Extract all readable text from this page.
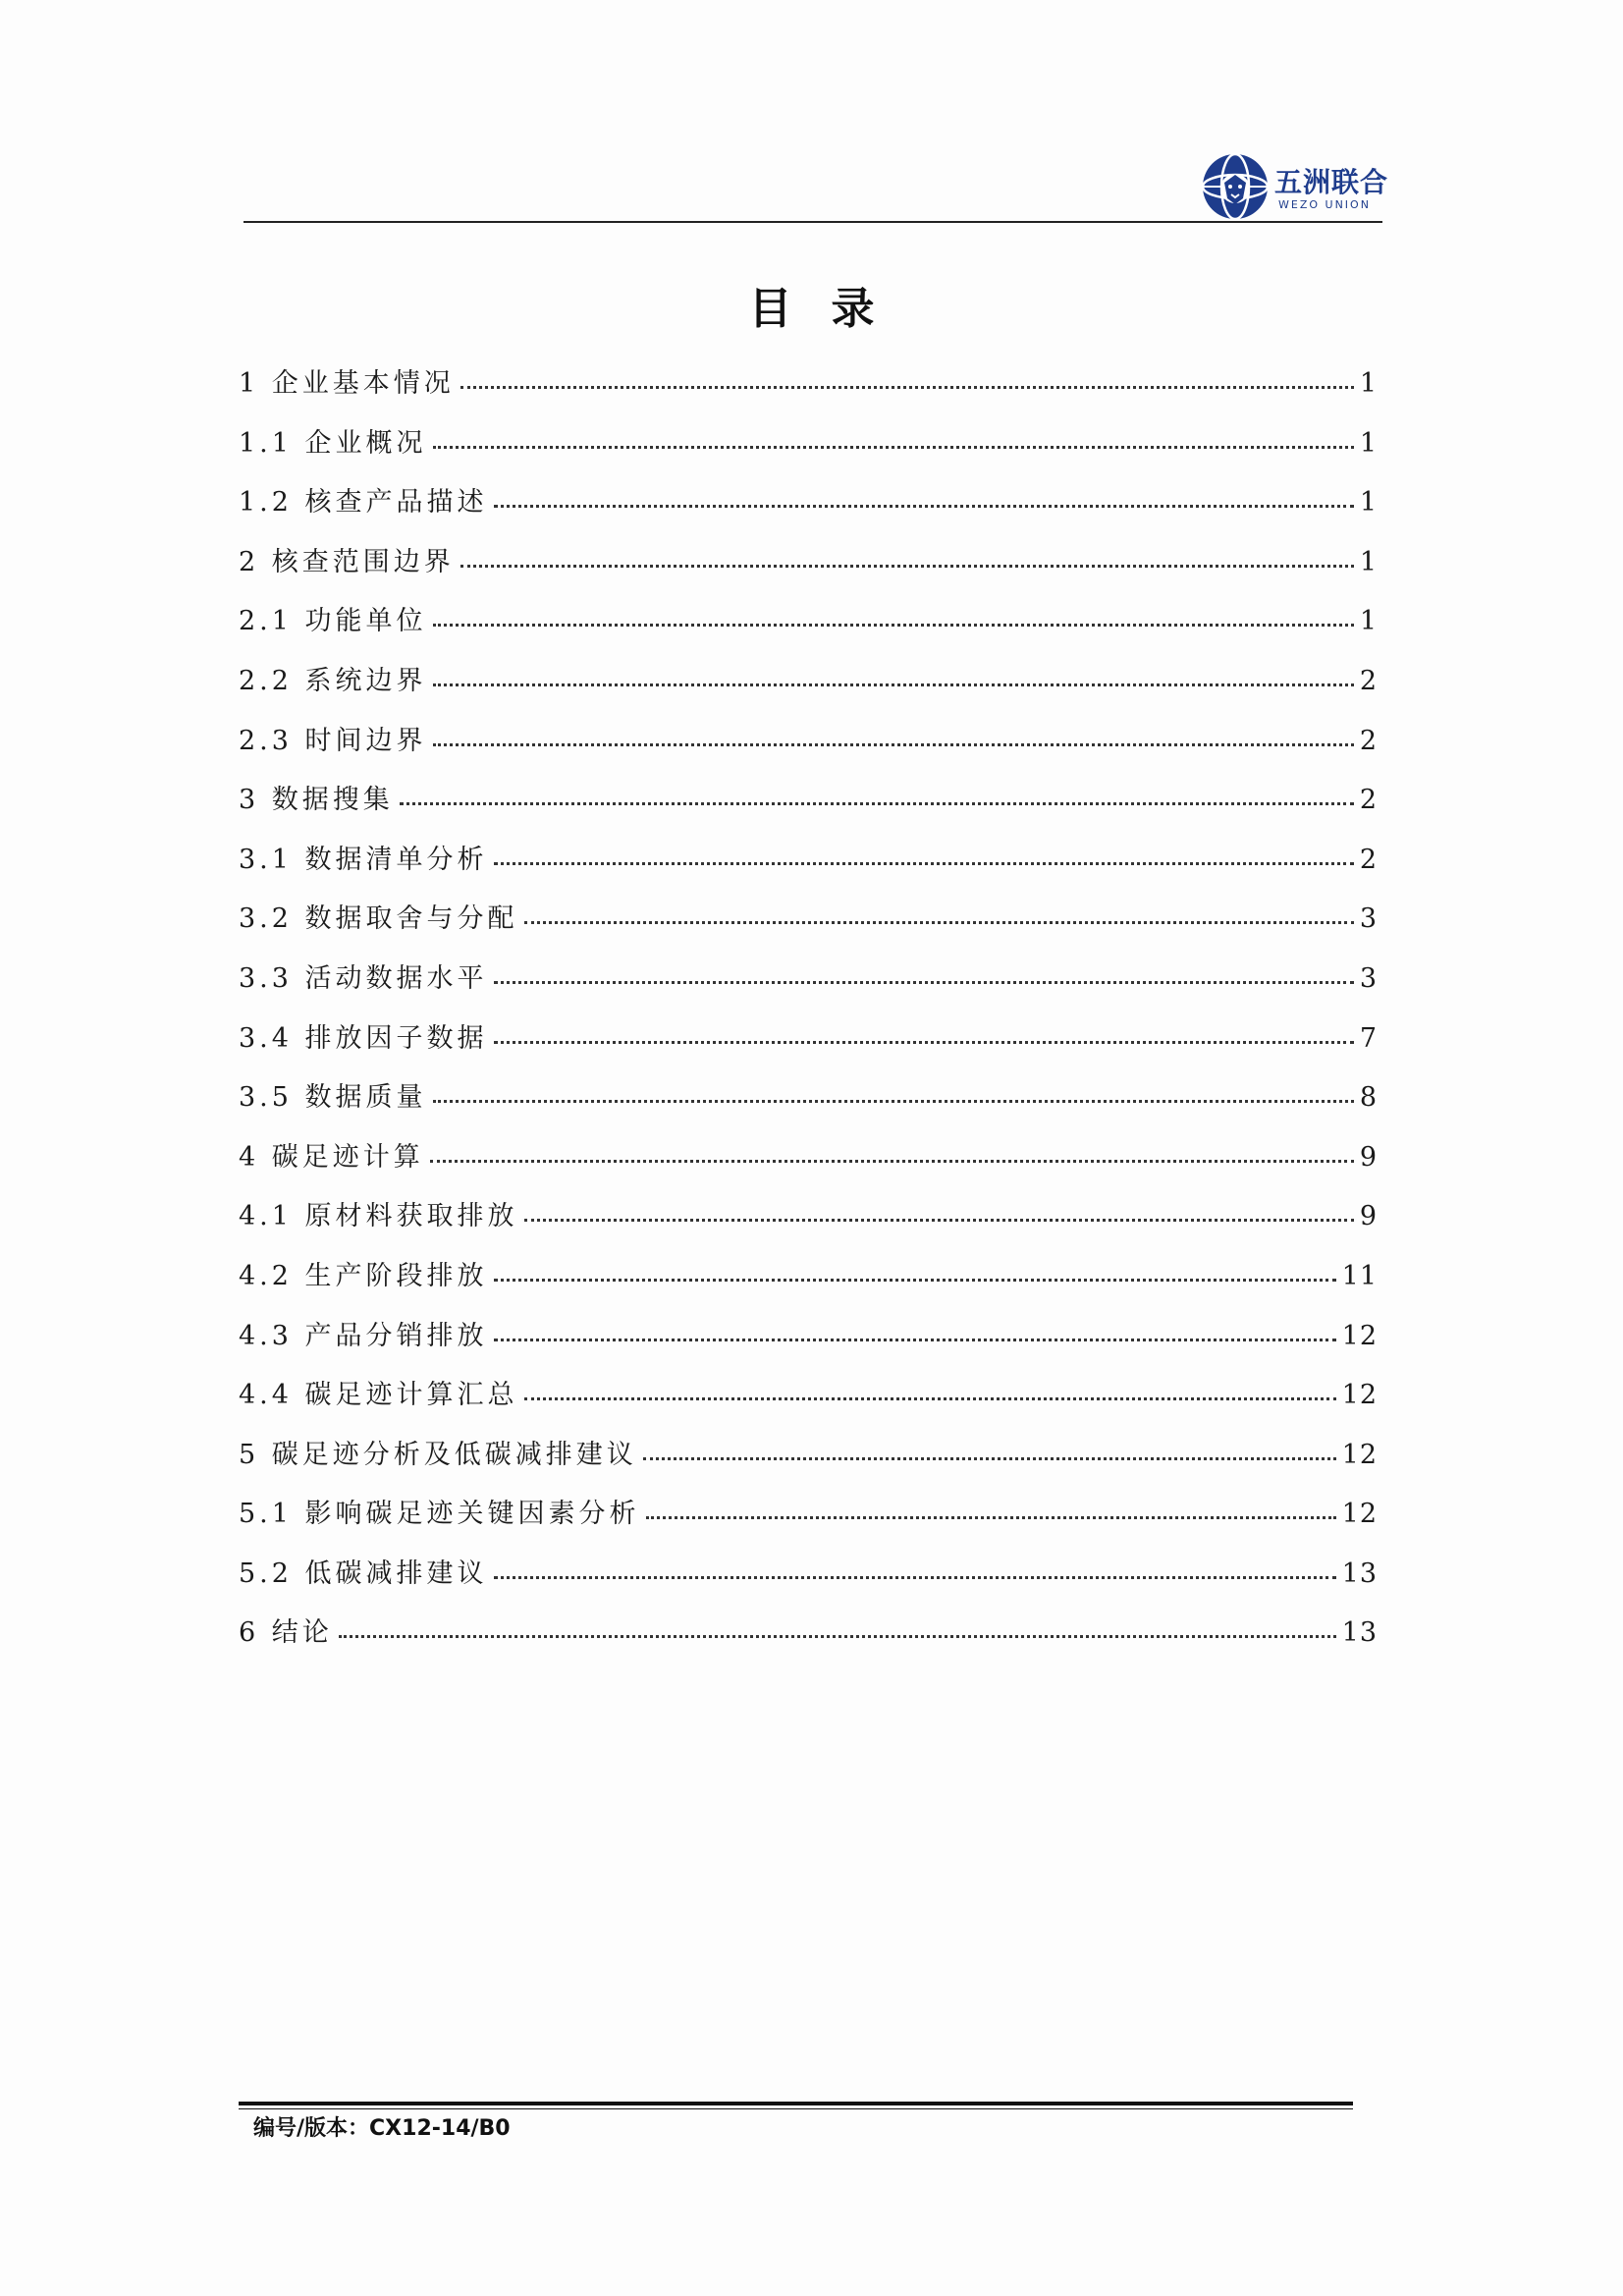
五洲联合
WEZO UNION
目录
1 企业基本情况	1
1.1 企业概况	1
1.2 核查产品描述	1
2 核查范围边界	1
2.1 功能单位	1
2.2 系统边界	2
2.3 时间边界	2
3 数据搜集	2
3.1 数据清单分析	2
3.2 数据取舍与分配	3
3.3 活动数据水平	3
3.4 排放因子数据	7
3.5 数据质量	8
4 碳足迹计算	9
4.1 原材料获取排放	9
4.2 生产阶段排放	11
4.3 产品分销排放	12
4.4 碳足迹计算汇总	12
5 碳足迹分析及低碳减排建议	12
5.1 影响碳足迹关键因素分析	12
5.2 低碳减排建议	13
6 结论	13
编号/版本：CX12-14/B0
